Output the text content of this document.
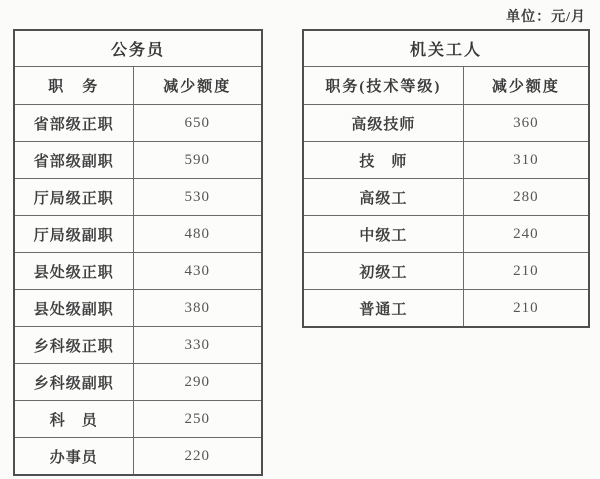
单位：元/月
公务员	
职　务	减少额度
省部级正职	650
省部级副职	590
厅局级正职	530
厅局级副职	480
县处级正职	430
县处级副职	380
乡科级正职	330
乡科级副职	290
科　员	250
办事员	220
机关工人	
职务(技术等级)	减少额度
高级技师	360
技　师	310
高级工	280
中级工	240
初级工	210
普通工	210
